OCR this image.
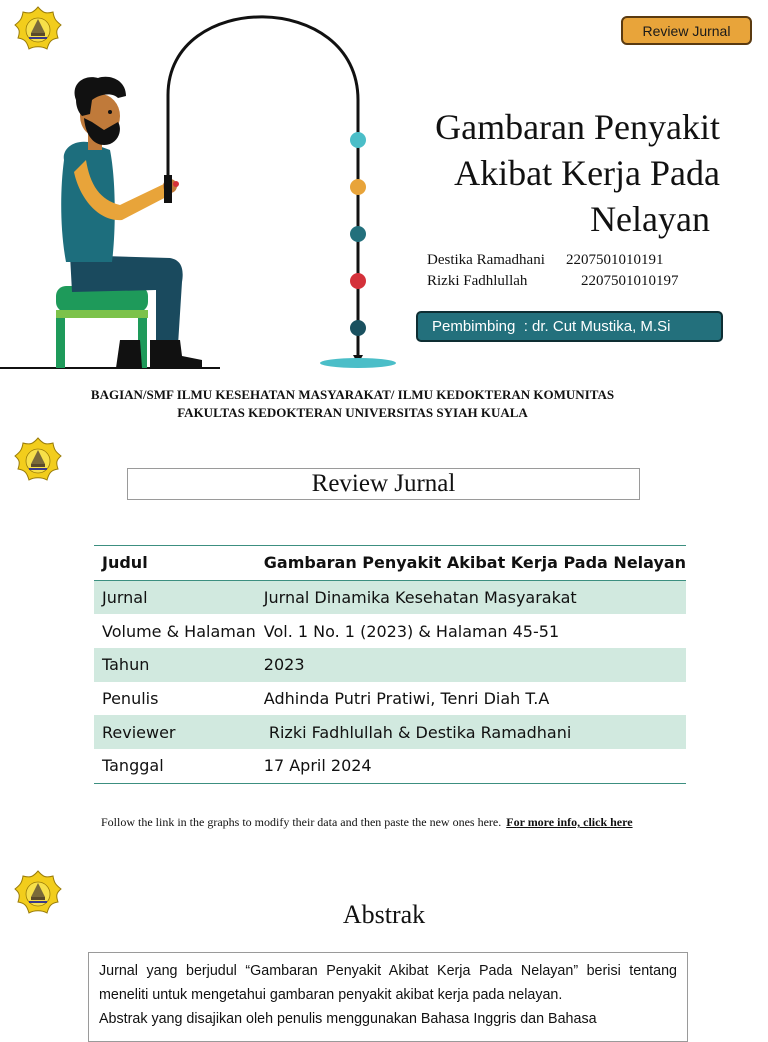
Review Jurnal
Gambaran Penyakit
Akibat Kerja Pada
Nelayan
Destika Ramadhani	2207501010191
Rizki Fadhlullah	2207501010197
Pembimbing  : dr. Cut Mustika, M.Si
BAGIAN/SMF ILMU KESEHATAN MASYARAKAT/ ILMU KEDOKTERAN KOMUNITAS
FAKULTAS KEDOKTERAN UNIVERSITAS SYIAH KUALA
Review Jurnal
Judul	Gambaran Penyakit Akibat Kerja Pada Nelayan
Jurnal	Jurnal Dinamika Kesehatan Masyarakat
Volume & Halaman	Vol. 1 No. 1 (2023) & Halaman 45-51
Tahun	2023
Penulis	Adhinda Putri Pratiwi, Tenri Diah T.A
Reviewer	Rizki Fadhlullah & Destika Ramadhani
Tanggal	17 April 2024
Follow the link in the graphs to modify their data and then paste the new ones here. For more info, click here
Abstrak

Jurnal yang berjudul “Gambaran Penyakit Akibat Kerja Pada Nelayan” berisi tentang meneliti untuk mengetahui gambaran penyakit akibat kerja pada nelayan.

Abstrak yang disajikan oleh penulis menggunakan Bahasa Inggris dan Bahasa
